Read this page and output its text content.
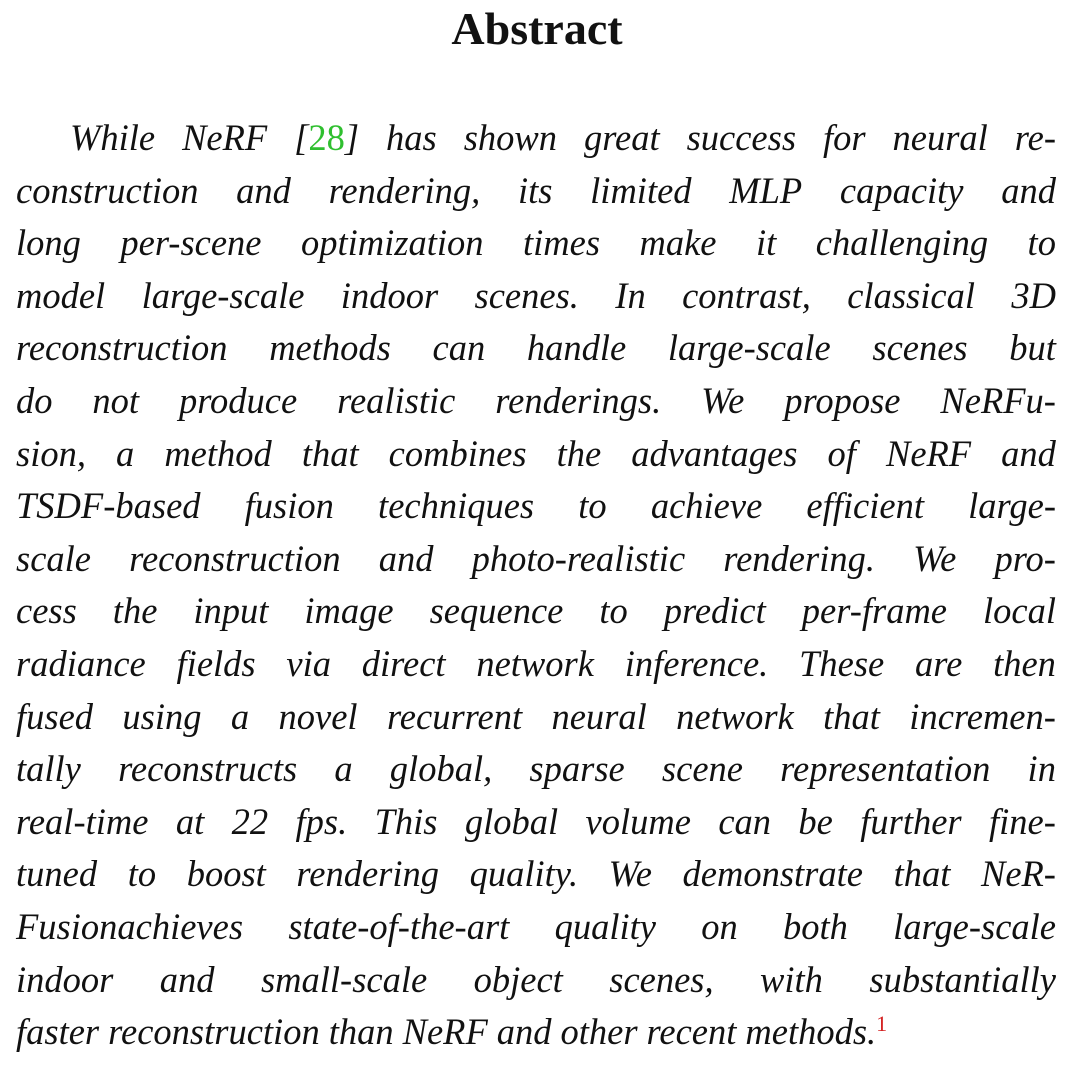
Abstract
While NeRF [28] has shown great success for neural re-
construction and rendering, its limited MLP capacity and
long per-scene optimization times make it challenging to
model large-scale indoor scenes. In contrast, classical 3D
reconstruction methods can handle large-scale scenes but
do not produce realistic renderings. We propose NeRFu-
sion, a method that combines the advantages of NeRF and
TSDF-based fusion techniques to achieve efficient large-
scale reconstruction and photo-realistic rendering. We pro-
cess the input image sequence to predict per-frame local
radiance fields via direct network inference. These are then
fused using a novel recurrent neural network that incremen-
tally reconstructs a global, sparse scene representation in
real-time at 22 fps. This global volume can be further fine-
tuned to boost rendering quality. We demonstrate that NeR-
Fusionachieves state-of-the-art quality on both large-scale
indoor and small-scale object scenes, with substantially
faster reconstruction than NeRF and other recent methods.$^1$
